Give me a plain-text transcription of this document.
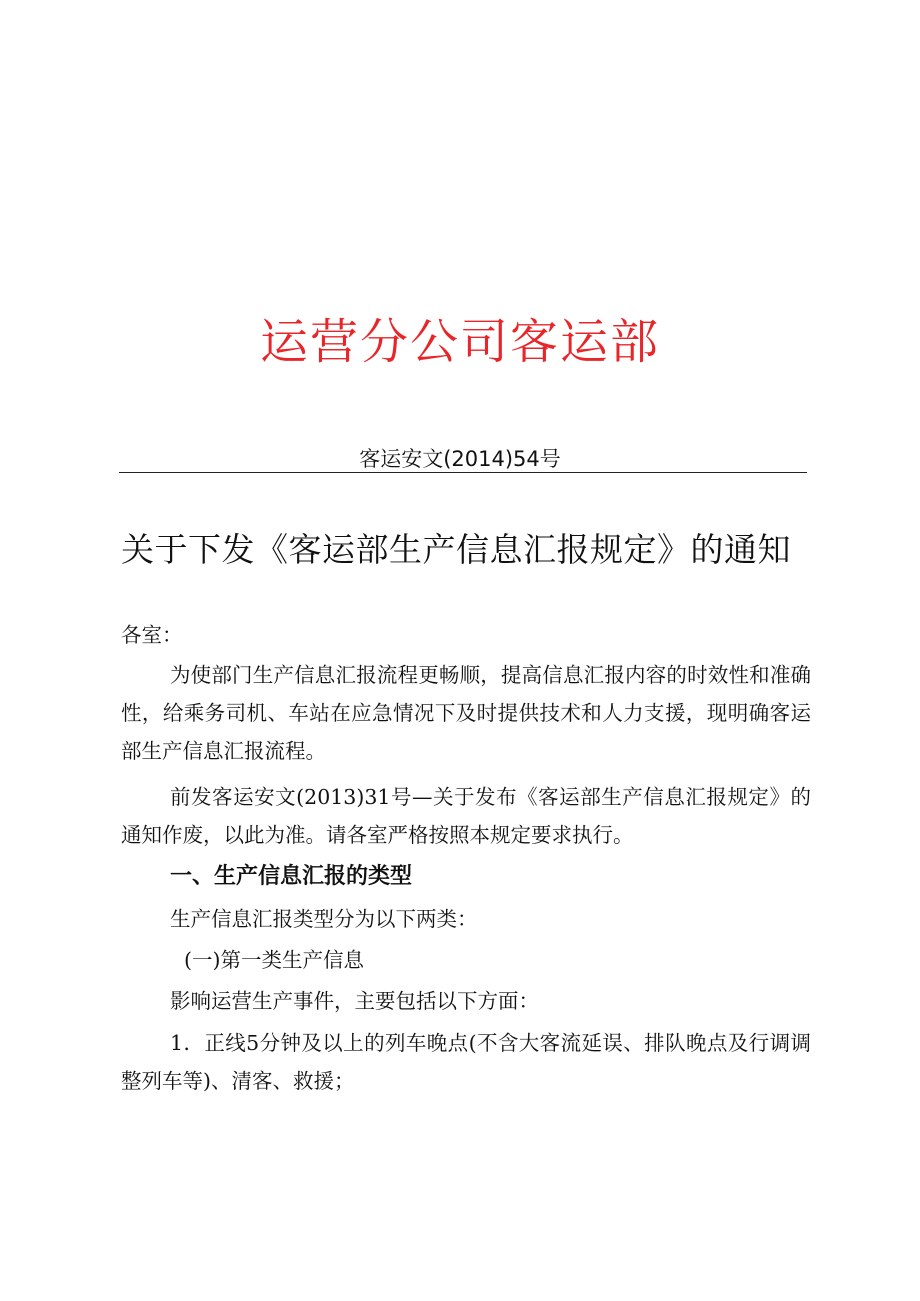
运营分公司客运部
客运安文(2014)54号
关于下发《客运部生产信息汇报规定》的通知
各室：
为使部门生产信息汇报流程更畅顺，提高信息汇报内容的时效性和准确性，给乘务司机、车站在应急情况下及时提供技术和人力支援，现明确客运部生产信息汇报流程。
前发客运安文(2013)31号—关于发布《客运部生产信息汇报规定》的通知作废，以此为准。请各室严格按照本规定要求执行。
一、生产信息汇报的类型
生产信息汇报类型分为以下两类：
(一)第一类生产信息
影响运营生产事件，主要包括以下方面：
1．正线5分钟及以上的列车晚点(不含大客流延误、排队晚点及行调调整列车等)、清客、救援；
